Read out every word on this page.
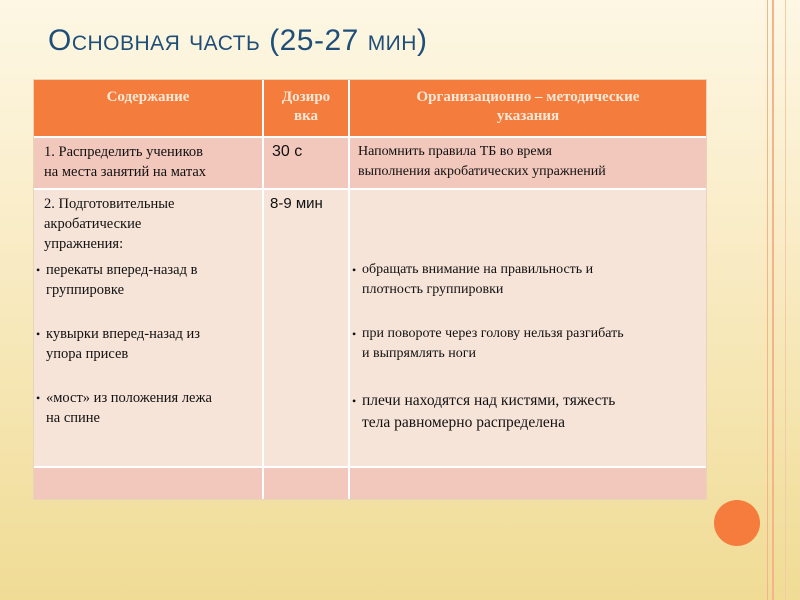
Основная часть (25-27 мин)
Содержание	Дозиро
вка
Организационно – методические
указания
1. Распределить учеников
на места занятий на матах
30 с	Напомнить правила ТБ во время
выполнения акробатических упражнений
2. Подготовительные
акробатические
упражнения:
• перекаты вперед-назад в
группировке
• кувырки вперед-назад из
упора присев
• «мост» из положения лежа
на спине
8-9 мин
• обращать внимание на правильность и
плотность группировки
• при повороте через голову нельзя разгибать
и выпрямлять ноги
• плечи находятся над кистями, тяжесть
тела равномерно распределена
